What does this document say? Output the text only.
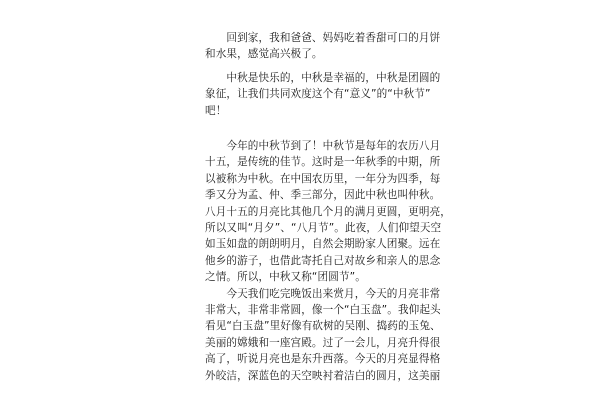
　　回到家，我和爸爸、妈妈吃着香甜可口的月饼
和水果，感觉高兴极了。

　　中秋是快乐的，中秋是幸福的，中秋是团圆的
象征，让我们共同欢度这个有“意义”的“中秋节”
吧！

　　今年的中秋节到了！中秋节是每年的农历八月
十五，是传统的佳节。这时是一年秋季的中期，所
以被称为中秋。在中国农历里，一年分为四季，每
季又分为孟、仲、季三部分，因此中秋也叫仲秋。
八月十五的月亮比其他几个月的满月更圆，更明亮，
所以又叫“月夕”、“八月节”。此夜，人们仰望天空
如玉如盘的朗朗明月，自然会期盼家人团聚。远在
他乡的游子，也借此寄托自己对故乡和亲人的思念
之情。所以，中秋又称“团圆节”。

　　今天我们吃完晚饭出来赏月，今天的月亮非常
非常大，非常非常圆，像一个“白玉盘”。我仰起头
看见“白玉盘”里好像有砍树的吴刚、捣药的玉兔、
美丽的嫦娥和一座宫殿。过了一会儿，月亮升得很
高了，听说月亮也是东升西落。今天的月亮显得格
外皎洁，深蓝色的天空映衬着洁白的圆月，这美丽
